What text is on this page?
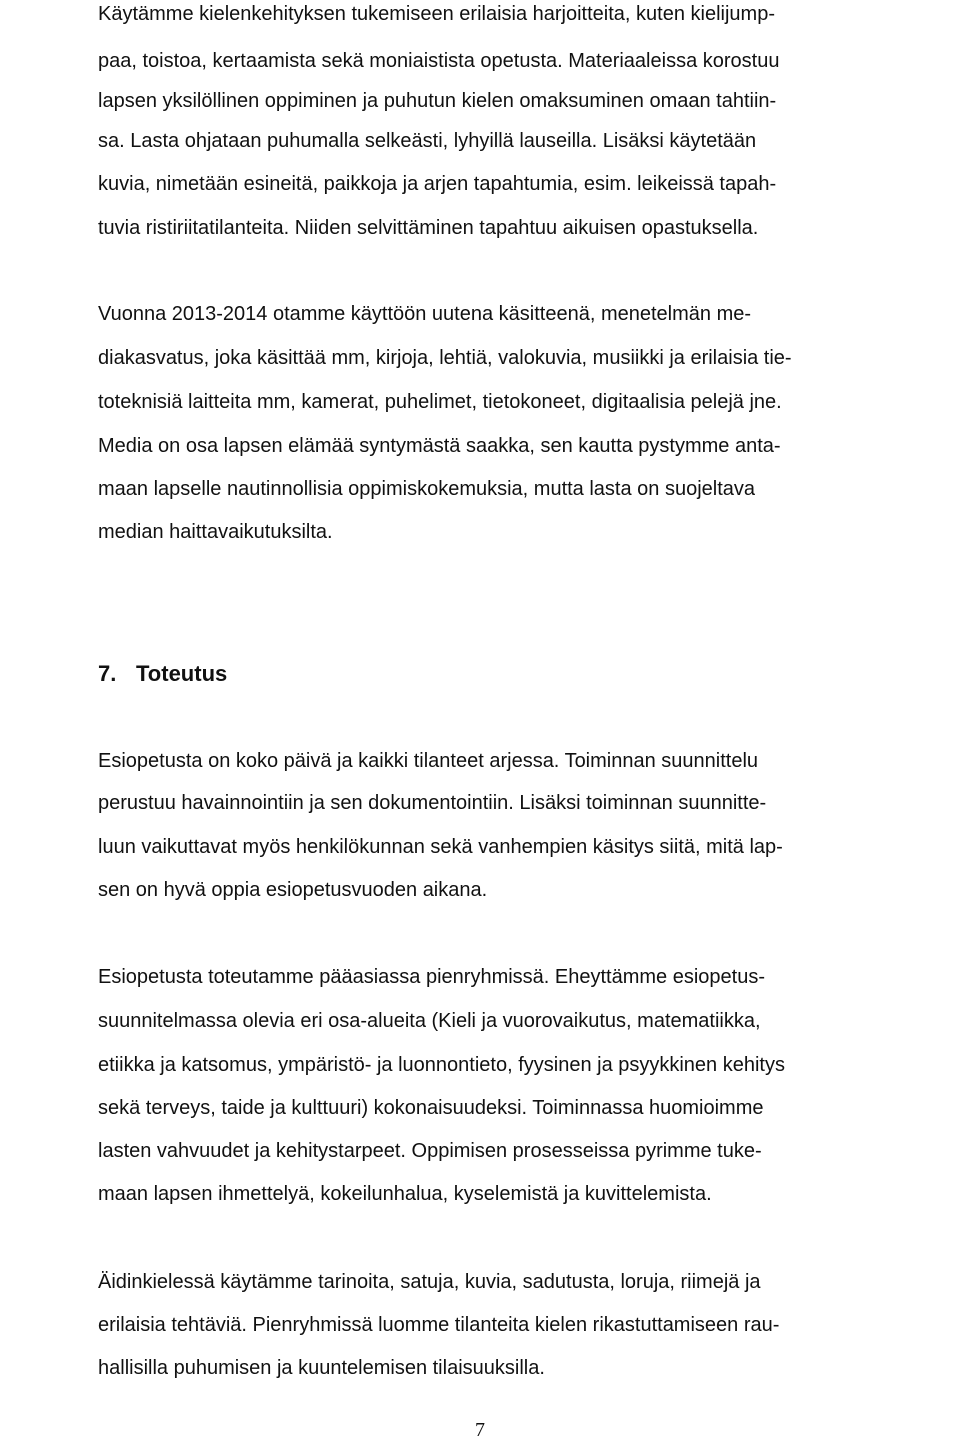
Käytämme kielenkehityksen tukemiseen erilaisia harjoitteita, kuten kielijump-
paa, toistoa, kertaamista sekä moniaistista opetusta. Materiaaleissa korostuu
lapsen yksilöllinen oppiminen ja puhutun kielen omaksuminen omaan tahtiin-
sa. Lasta ohjataan puhumalla selkeästi, lyhyillä lauseilla. Lisäksi käytetään
kuvia, nimetään esineitä, paikkoja ja arjen tapahtumia, esim. leikeissä tapah-
tuvia ristiriitatilanteita. Niiden selvittäminen tapahtuu aikuisen opastuksella.
Vuonna 2013-2014 otamme käyttöön uutena käsitteenä, menetelmän me-
diakasvatus, joka käsittää mm, kirjoja, lehtiä, valokuvia, musiikki ja erilaisia tie-
toteknisiä laitteita mm, kamerat, puhelimet, tietokoneet, digitaalisia pelejä jne.
Media on osa lapsen elämää syntymästä saakka, sen kautta pystymme anta-
maan lapselle nautinnollisia oppimiskokemuksia, mutta lasta on suojeltava
median haittavaikutuksilta.
7. Toteutus
Esiopetusta on koko päivä ja kaikki tilanteet arjessa. Toiminnan suunnittelu
perustuu havainnointiin ja sen dokumentointiin. Lisäksi toiminnan suunnitte-
luun vaikuttavat myös henkilökunnan sekä vanhempien käsitys siitä, mitä lap-
sen on hyvä oppia esiopetusvuoden aikana.
Esiopetusta toteutamme pääasiassa pienryhmissä. Eheyttämme esiopetus-
suunnitelmassa olevia eri osa-alueita (Kieli ja vuorovaikutus, matematiikka,
etiikka ja katsomus, ympäristö- ja luonnontieto, fyysinen ja psyykkinen kehitys
sekä terveys, taide ja kulttuuri) kokonaisuudeksi. Toiminnassa huomioimme
lasten vahvuudet ja kehitystarpeet. Oppimisen prosesseissa pyrimme tuke-
maan lapsen ihmettelyä, kokeilunhalua, kyselemistä ja kuvittelemista.
Äidinkielessä käytämme tarinoita, satuja, kuvia, sadutusta, loruja, riimejä ja
erilaisia tehtäviä. Pienryhmissä luomme tilanteita kielen rikastuttamiseen rau-
hallisilla puhumisen ja kuuntelemisen tilaisuuksilla.
7
